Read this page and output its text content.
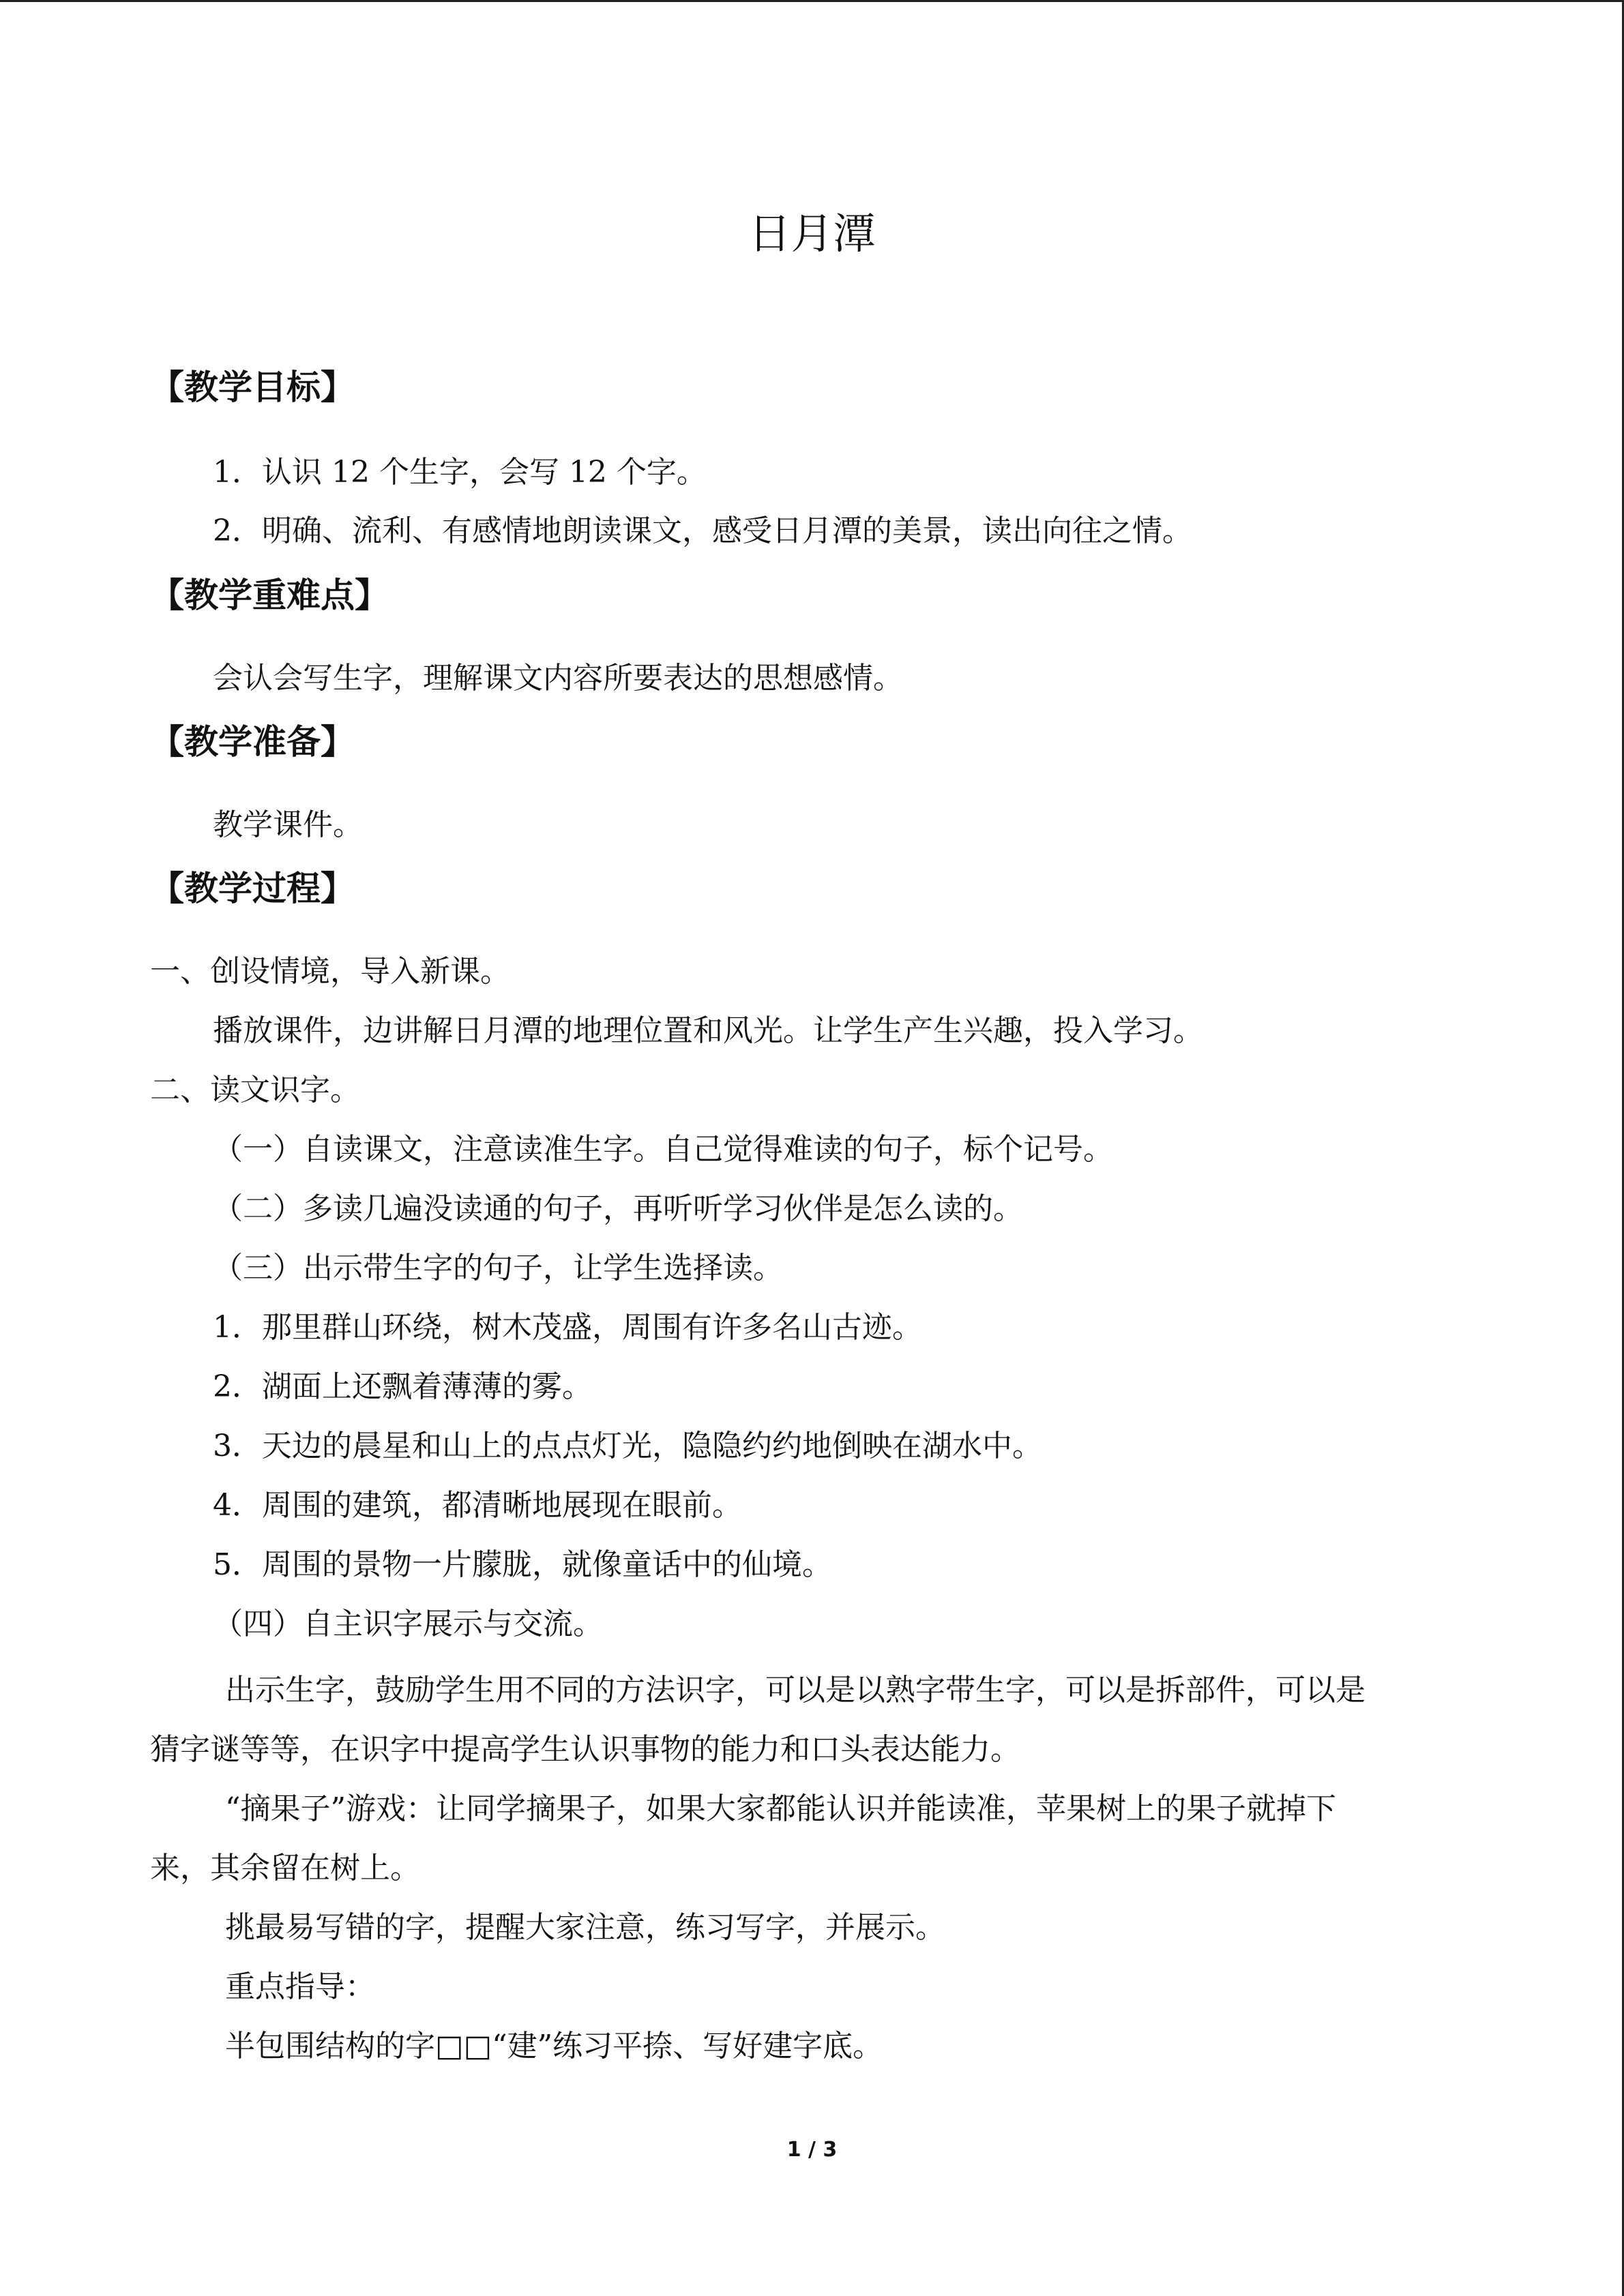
日月潭
【教学目标】

1．认识 12 个生字，会写 12 个字。

2．明确、流利、有感情地朗读课文，感受日月潭的美景，读出向往之情。

【教学重难点】

会认会写生字，理解课文内容所要表达的思想感情。

【教学准备】

教学课件。

【教学过程】

一、创设情境，导入新课。

播放课件，边讲解日月潭的地理位置和风光。让学生产生兴趣，投入学习。

二、读文识字。

（一）自读课文，注意读准生字。自己觉得难读的句子，标个记号。

（二）多读几遍没读通的句子，再听听学习伙伴是怎么读的。

（三）出示带生字的句子，让学生选择读。

1．那里群山环绕，树木茂盛，周围有许多名山古迹。

2．湖面上还飘着薄薄的雾。

3．天边的晨星和山上的点点灯光，隐隐约约地倒映在湖水中。

4．周围的建筑，都清晰地展现在眼前。

5．周围的景物一片朦胧，就像童话中的仙境。

（四）自主识字展示与交流。

出示生字，鼓励学生用不同的方法识字，可以是以熟字带生字，可以是拆部件，可以是

猜字谜等等，在识字中提高学生认识事物的能力和口头表达能力。

“摘果子”游戏：让同学摘果子，如果大家都能认识并能读准，苹果树上的果子就掉下

来，其余留在树上。

挑最易写错的字，提醒大家注意，练习写字，并展示。

重点指导：

半包围结构的字□□“建”练习平捺、写好建字底。

1 / 3
